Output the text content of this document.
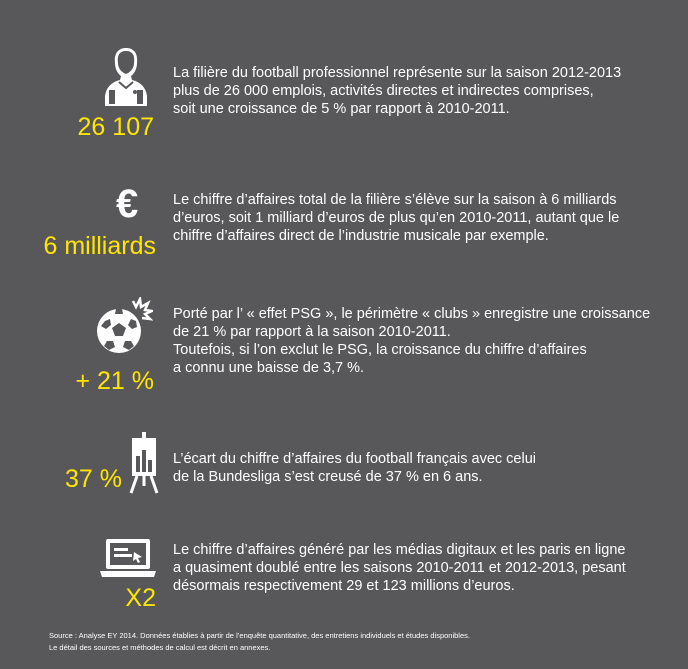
26 107
La filière du football professionnel représente sur la saison 2012-2013
plus de 26 000 emplois, activités directes et indirectes comprises,
soit une croissance de 5 % par rapport à 2010-2011.
€
6 milliards
Le chiffre d’affaires total de la filière s’élève sur la saison à 6 milliards
d’euros, soit 1 milliard d’euros de plus qu’en 2010-2011, autant que le
chiffre d’affaires direct de l’industrie musicale par exemple.
+ 21 %
Porté par l’ « effet PSG », le périmètre « clubs » enregistre une croissance
de 21 % par rapport à la saison 2010-2011.
Toutefois, si l’on exclut le PSG, la croissance du chiffre d’affaires
a connu une baisse de 3,7 %.
37 %
L’écart du chiffre d’affaires du football français avec celui
de la Bundesliga s’est creusé de 37 % en 6 ans.
X2
Le chiffre d’affaires généré par les médias digitaux et les paris en ligne
a quasiment doublé entre les saisons 2010-2011 et 2012-2013, pesant
désormais respectivement 29 et 123 millions d’euros.
Source : Analyse EY 2014. Données établies à partir de l’enquête quantitative, des entretiens individuels et études disponibles.
Le détail des sources et méthodes de calcul est décrit en annexes.
